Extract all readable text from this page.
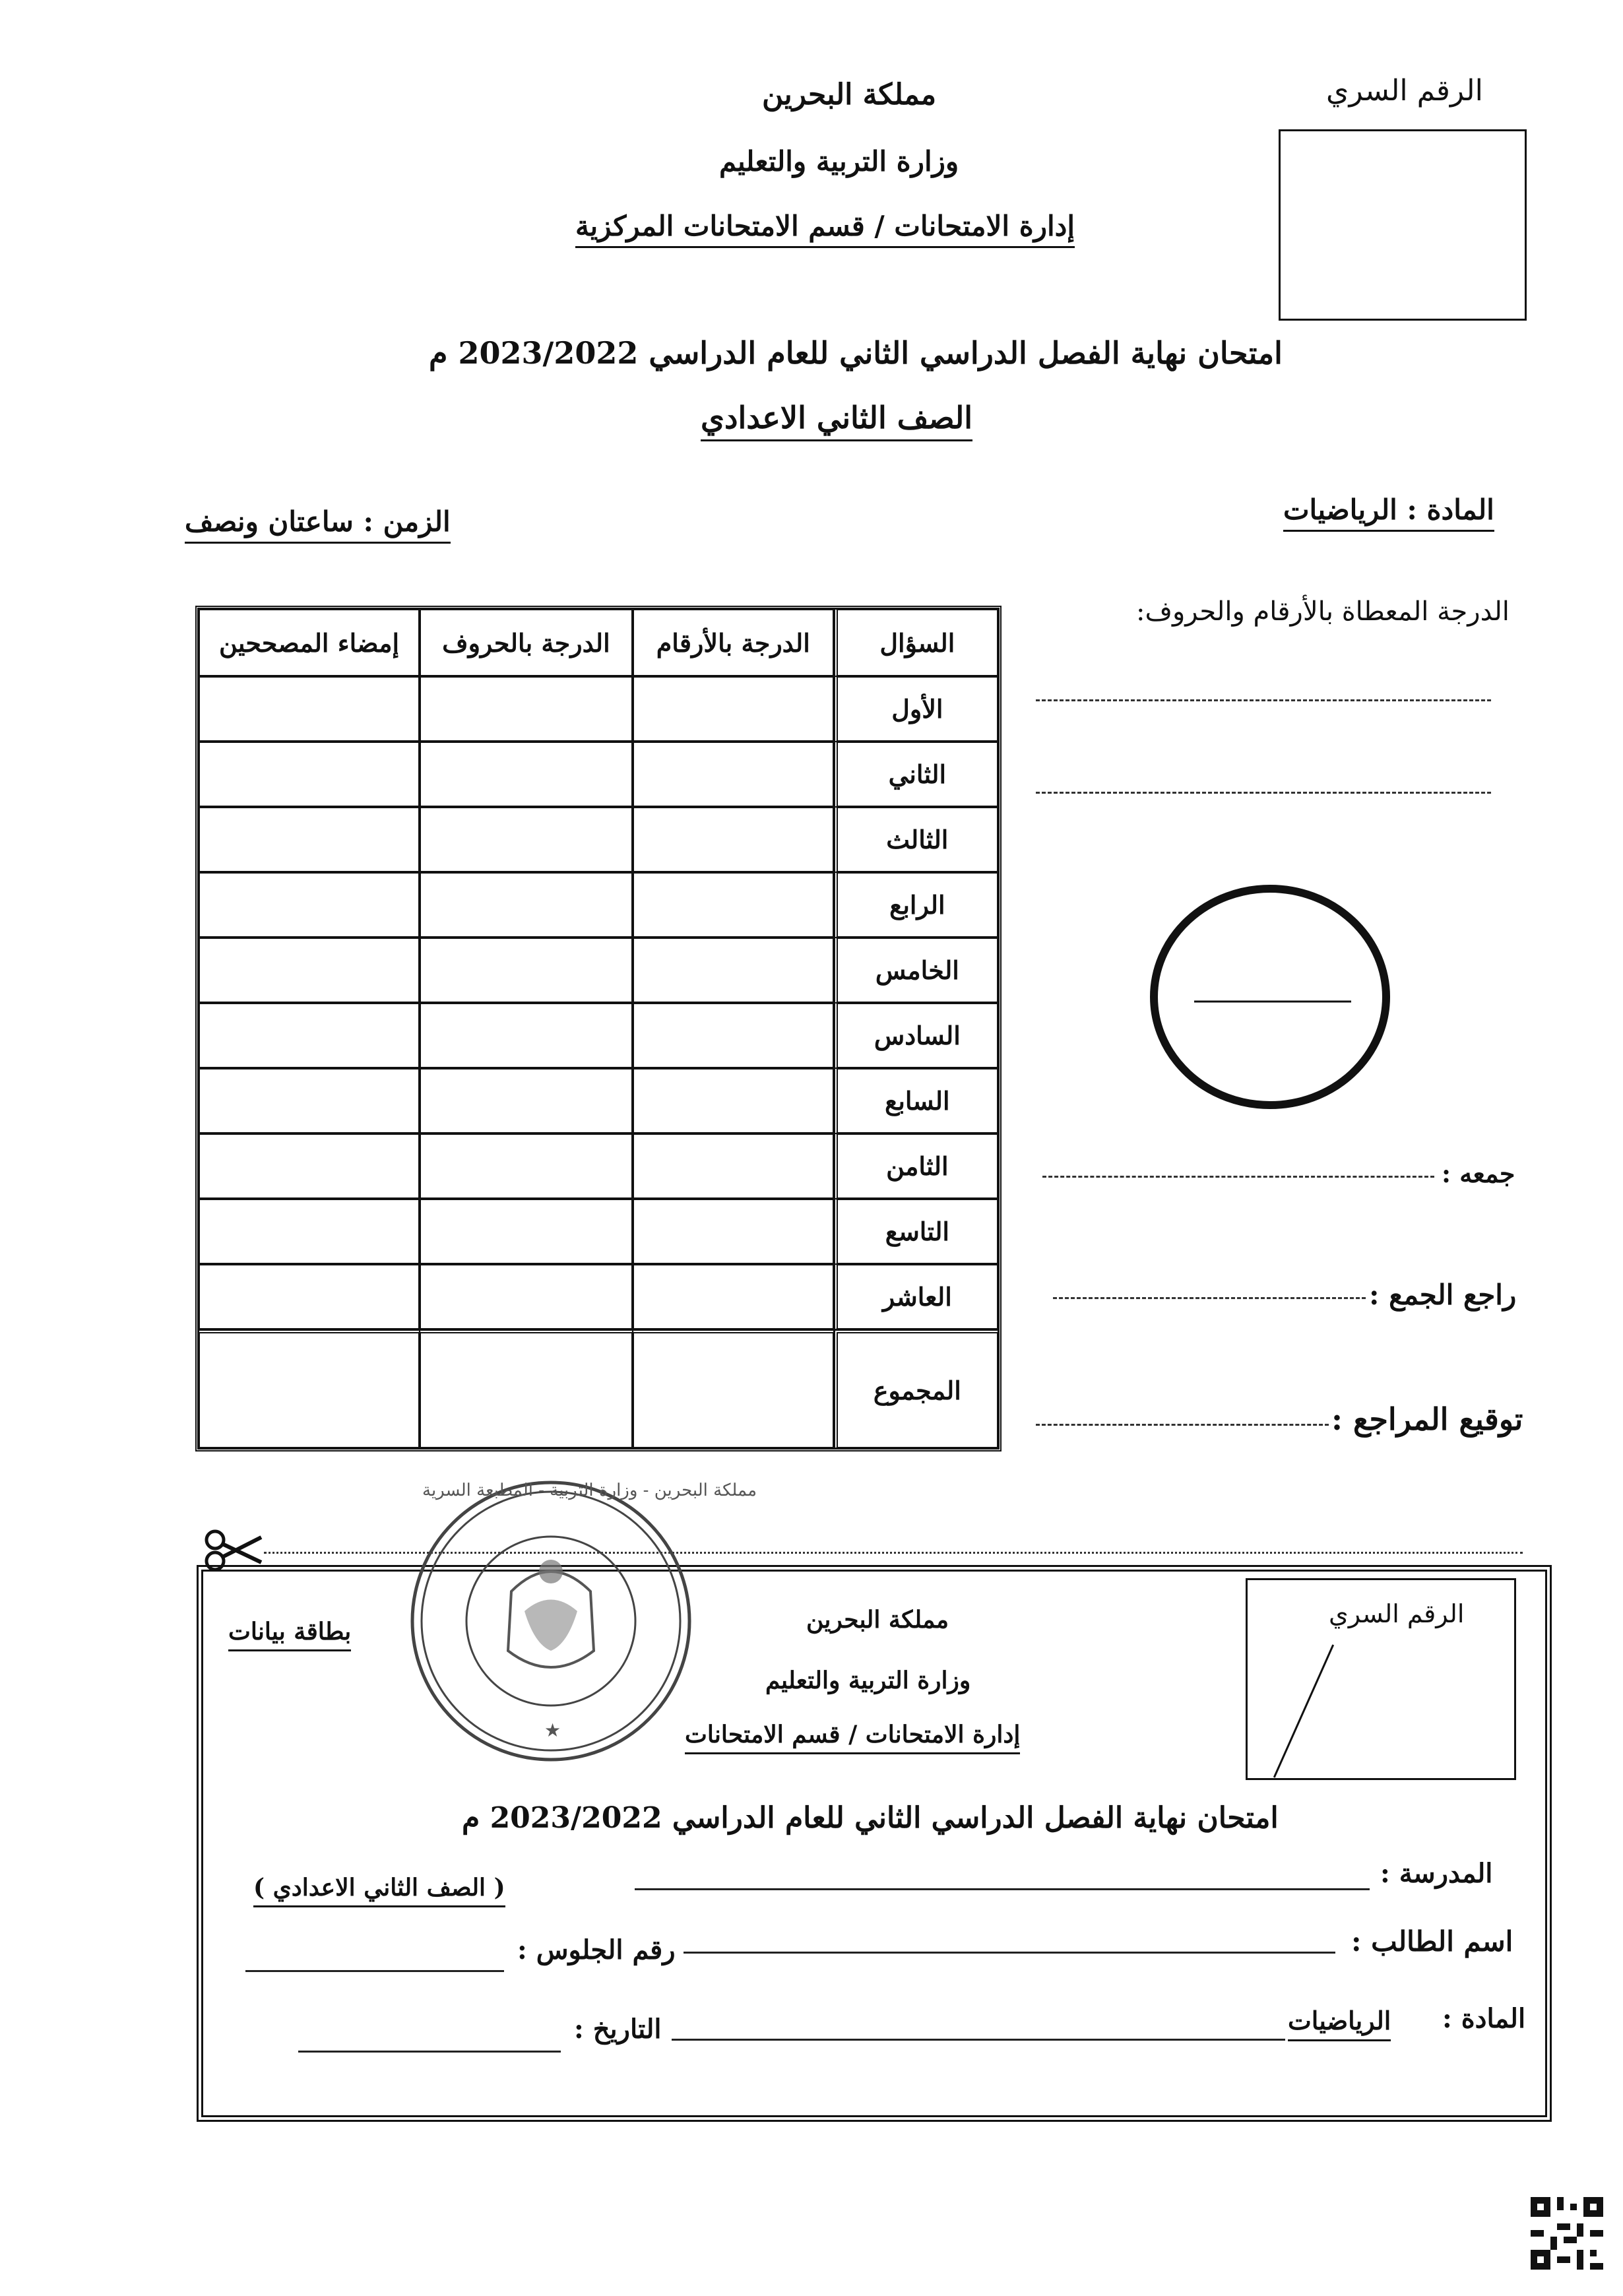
مملكة البحرين
وزارة التربية والتعليم
إدارة الامتحانات / قسم الامتحانات المركزية
الرقم السري
امتحان نهاية الفصل الدراسي الثاني للعام الدراسي 2023/2022 م
الصف الثاني الاعدادي
المادة : الرياضيات
الزمن : ساعتان ونصف
السؤال	الدرجة بالأرقام	الدرجة بالحروف	إمضاء المصححين
الأول			
الثاني			
الثالث			
الرابع			
الخامس			
السادس			
السابع			
الثامن			
التاسع			
العاشر			
المجموع			
الدرجة المعطاة بالأرقام والحروف:
جمعه :
راجع الجمع :
توقيع المراجع :
★
مملكة البحرين - وزارة التربية - المطبعة السرية
بطاقة بيانات	مملكة البحرين
وزارة التربية والتعليم
إدارة الامتحانات / قسم الامتحانات
الرقم السري
امتحان نهاية الفصل الدراسي الثاني للعام الدراسي 2023/2022 م
المدرسة :
( الصف الثاني الاعدادي )
اسم الطالب :
رقم الجلوس :
المادة :
الرياضيات
التاريخ :
